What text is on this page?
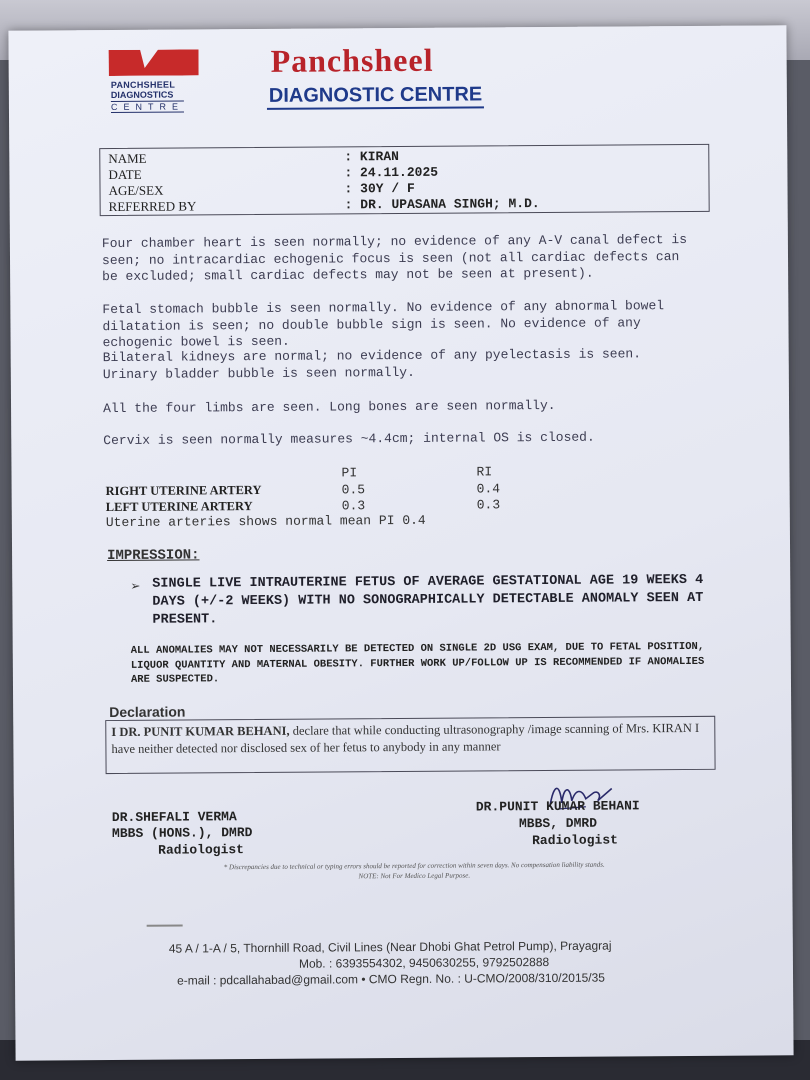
PANCHSHEEL
DIAGNOSTICS
CENTRE
Panchsheel
DIAGNOSTIC CENTRE
NAME	: KIRAN
DATE	: 24.11.2025
AGE/SEX	: 30Y / F
REFERRED BY	: DR. UPASANA SINGH; M.D.
Four chamber heart is seen normally; no evidence of any A-V canal defect is seen; no intracardiac echogenic focus is seen (not all cardiac defects can be excluded; small cardiac defects may not be seen at present).
Fetal stomach bubble is seen normally. No evidence of any abnormal bowel dilatation is seen; no double bubble sign is seen. No evidence of any echogenic bowel is seen.
Bilateral kidneys are normal; no evidence of any pyelectasis is seen. Urinary bladder bubble is seen normally.
All the four limbs are seen. Long bones are seen normally.
Cervix is seen normally measures ~4.4cm; internal OS is closed.
PI	RI
RIGHT UTERINE ARTERY	0.5	0.4
LEFT UTERINE ARTERY	0.3	0.3
Uterine arteries shows normal mean PI 0.4
IMPRESSION:
➢ SINGLE LIVE INTRAUTERINE FETUS OF AVERAGE GESTATIONAL AGE 19 WEEKS 4 DAYS (+/-2 WEEKS) WITH NO SONOGRAPHICALLY DETECTABLE ANOMALY SEEN AT PRESENT.
ALL ANOMALIES MAY NOT NECESSARILY BE DETECTED ON SINGLE 2D USG EXAM, DUE TO FETAL POSITION, LIQUOR QUANTITY AND MATERNAL OBESITY. FURTHER WORK UP/FOLLOW UP IS RECOMMENDED IF ANOMALIES ARE SUSPECTED.
Declaration
I DR. PUNIT KUMAR BEHANI, declare that while conducting ultrasonography /image scanning of Mrs. KIRAN I have neither detected nor disclosed sex of her fetus to anybody in any manner
DR.SHEFALI VERMA
MBBS (HONS.), DMRD
Radiologist
DR.PUNIT KUMAR BEHANI
MBBS, DMRD
Radiologist
* Discrepancies due to technical or typing errors should be reported for correction within seven days. No compensation liability stands.
NOTE: Not For Medico Legal Purpose.
45 A / 1-A / 5, Thornhill Road, Civil Lines (Near Dhobi Ghat Petrol Pump), Prayagraj
Mob. : 6393554302, 9450630255, 9792502888
e-mail : pdcallahabad@gmail.com • CMO Regn. No. : U-CMO/2008/310/2015/35
